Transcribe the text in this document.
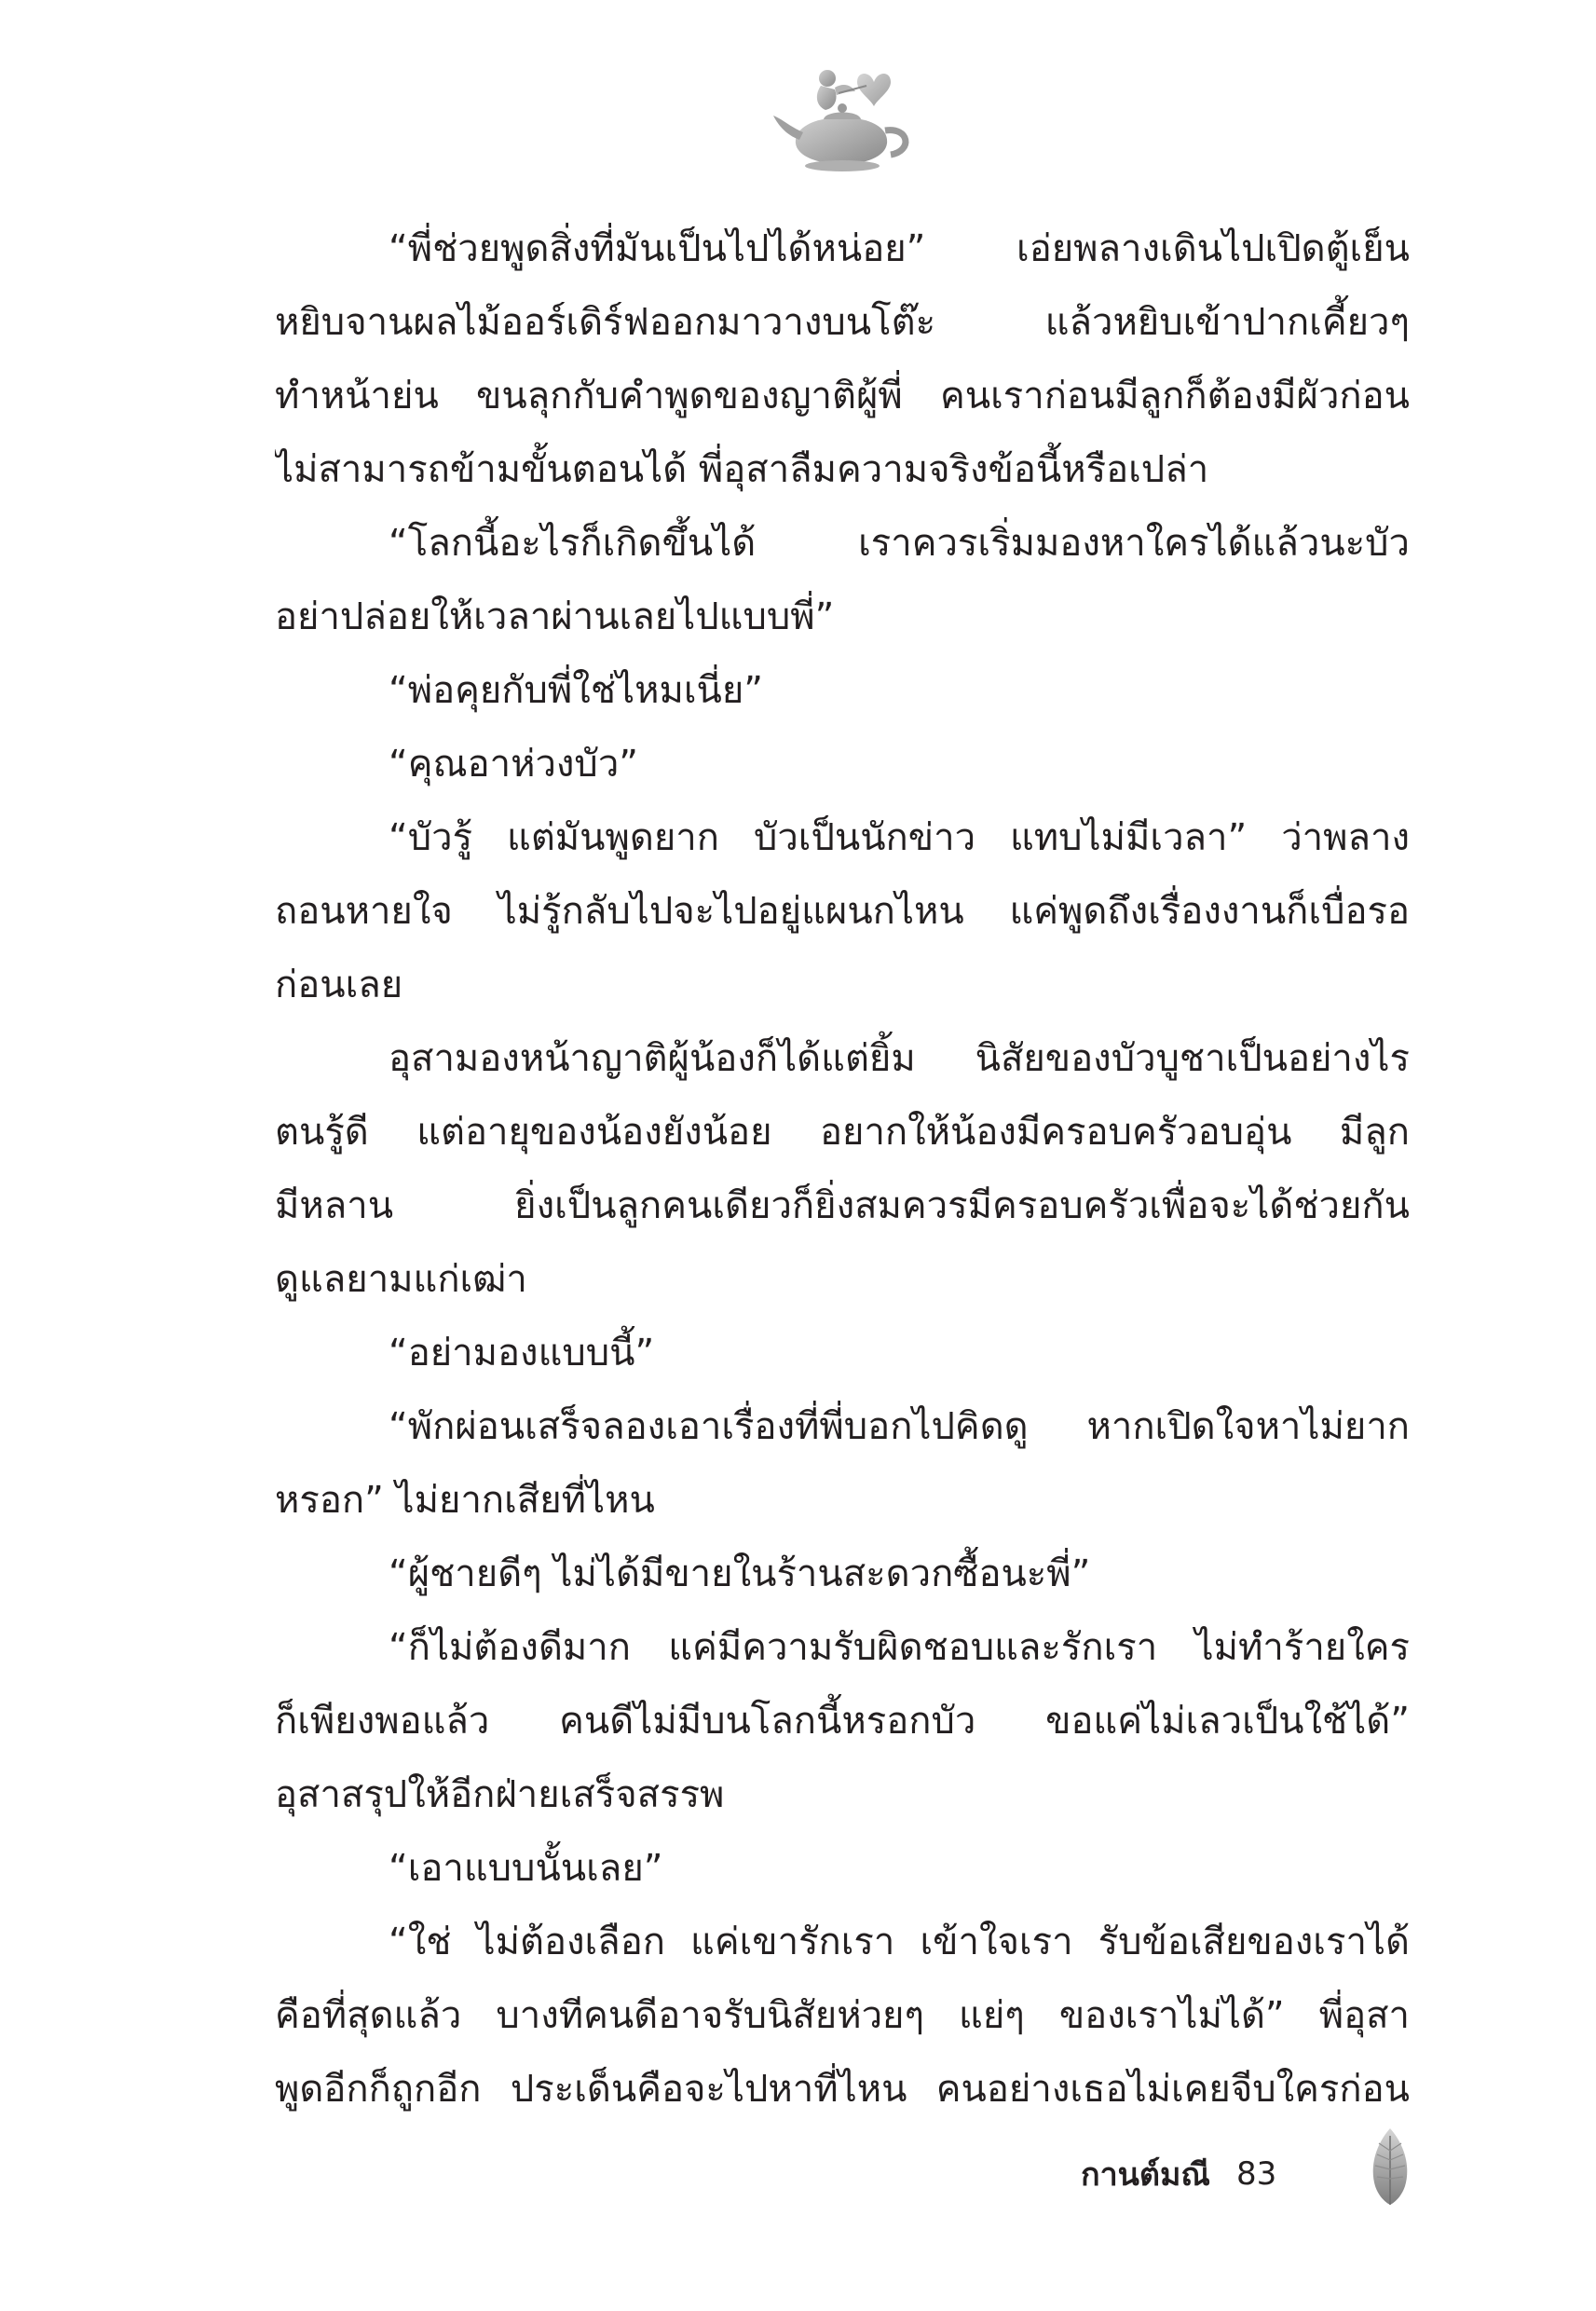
“พี่ช่วยพูดสิ่งที่มันเป็นไปได้หน่อย” เอ่ยพลางเดินไปเปิดตู้เย็น
หยิบจานผลไม้ออร์เดิร์ฟออกมาวางบนโต๊ะ แล้วหยิบเข้าปากเคี้ยวๆ
ทำหน้าย่น ขนลุกกับคำพูดของญาติผู้พี่ คนเราก่อนมีลูกก็ต้องมีผัวก่อน
ไม่สามารถข้ามขั้นตอนได้ พี่อุสาลืมความจริงข้อนี้หรือเปล่า
“โลกนี้อะไรก็เกิดขึ้นได้ เราควรเริ่มมองหาใครได้แล้วนะบัว
อย่าปล่อยให้เวลาผ่านเลยไปแบบพี่”
“พ่อคุยกับพี่ใช่ไหมเนี่ย”
“คุณอาห่วงบัว”
“บัวรู้ แต่มันพูดยาก บัวเป็นนักข่าว แทบไม่มีเวลา” ว่าพลาง
ถอนหายใจ ไม่รู้กลับไปจะไปอยู่แผนกไหน แค่พูดถึงเรื่องงานก็เบื่อรอ
ก่อนเลย
อุสามองหน้าญาติผู้น้องก็ได้แต่ยิ้ม นิสัยของบัวบูชาเป็นอย่างไร
ตนรู้ดี แต่อายุของน้องยังน้อย อยากให้น้องมีครอบครัวอบอุ่น มีลูก
มีหลาน ยิ่งเป็นลูกคนเดียวก็ยิ่งสมควรมีครอบครัวเพื่อจะได้ช่วยกัน
ดูแลยามแก่เฒ่า
“อย่ามองแบบนี้”
“พักผ่อนเสร็จลองเอาเรื่องที่พี่บอกไปคิดดู หากเปิดใจหาไม่ยาก
หรอก” ไม่ยากเสียที่ไหน
“ผู้ชายดีๆ ไม่ได้มีขายในร้านสะดวกซื้อนะพี่”
“ก็ไม่ต้องดีมาก แค่มีความรับผิดชอบและรักเรา ไม่ทำร้ายใคร
ก็เพียงพอแล้ว คนดีไม่มีบนโลกนี้หรอกบัว ขอแค่ไม่เลวเป็นใช้ได้”
อุสาสรุปให้อีกฝ่ายเสร็จสรรพ
“เอาแบบนั้นเลย”
“ใช่ ไม่ต้องเลือก แค่เขารักเรา เข้าใจเรา รับข้อเสียของเราได้
คือที่สุดแล้ว บางทีคนดีอาจรับนิสัยห่วยๆ แย่ๆ ของเราไม่ได้” พี่อุสา
พูดอีกก็ถูกอีก ประเด็นคือจะไปหาที่ไหน คนอย่างเธอไม่เคยจีบใครก่อน
กานต์มณี 83
